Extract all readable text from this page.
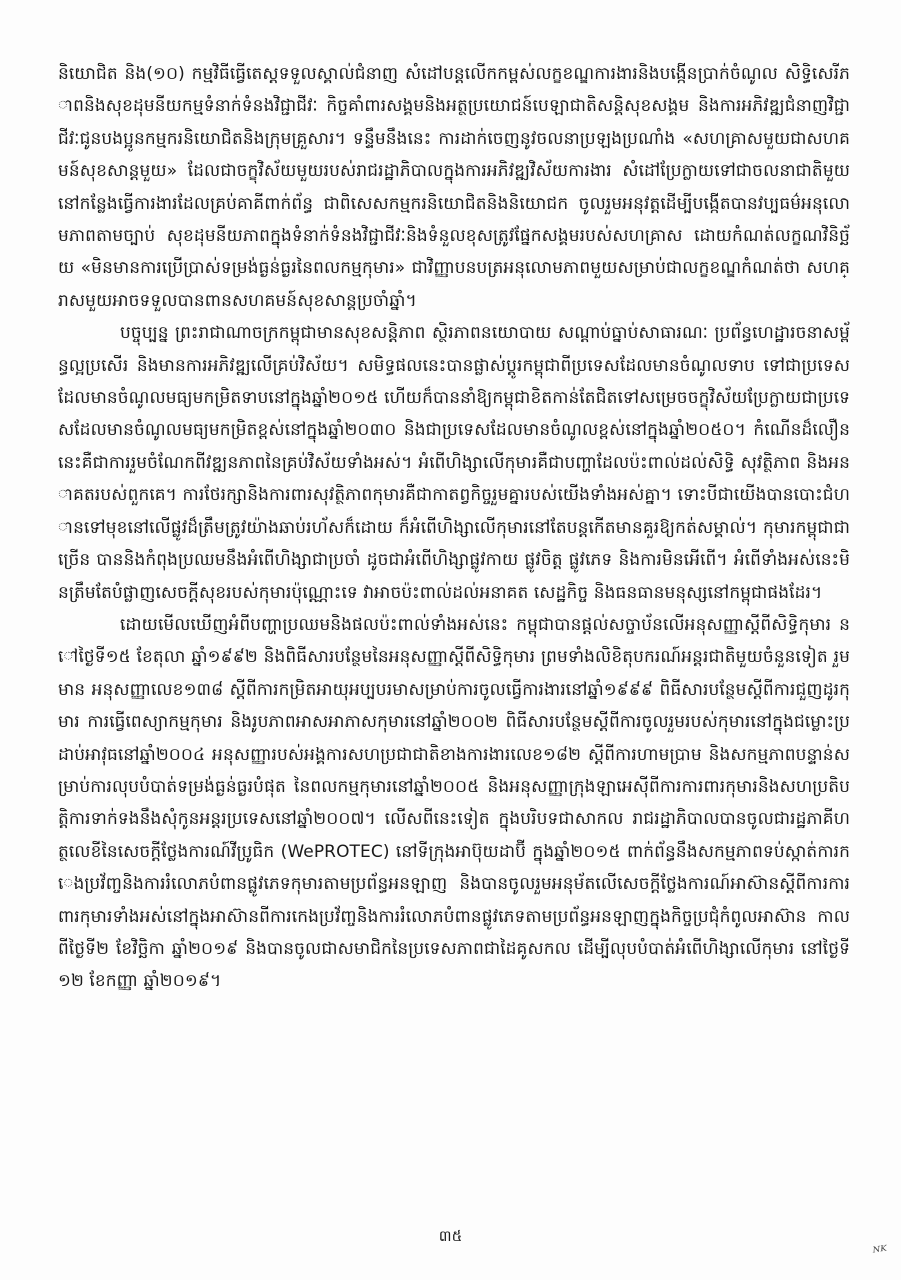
និយោជិត និង(១០) កម្មវិធីធ្វើតេស្តទទួលស្គាល់ជំនាញ សំដៅបន្តលើកកម្ពស់លក្ខខណ្ឌការងារនិងបង្កើនប្រាក់ចំណូល សិទ្ធិសេរីភាពនិងសុខដុមនីយកម្មទំនាក់ទំនងវិជ្ជាជីវៈ កិច្ចគាំពារសង្គមនិងអត្ថប្រយោជន៍បេឡាជាតិសន្តិសុខសង្គម និងការអភិវឌ្ឍជំនាញវិជ្ជាជីវៈជូនបងប្អូនកម្មករនិយោជិតនិងក្រុមគ្រួសារ។ ទន្ទឹមនឹងនេះ ការដាក់ចេញនូវចលនាប្រឡងប្រណាំង «សហគ្រាសមួយជាសហគមន៍សុខសាន្តមួយ» ដែលជាចក្ខុវិស័យមួយរបស់រាជរដ្ឋាភិបាលក្នុងការអភិវឌ្ឍវិស័យការងារ សំដៅប្រែក្លាយទៅជាចលនាជាតិមួយនៅកន្លែងធ្វើការងារដែលគ្រប់គាគីពាក់ព័ន្ធ ជាពិសេសកម្មករនិយោជិតនិងនិយោជក ចូលរួមអនុវត្តដើម្បីបង្កើតបានវប្បធម៌អនុលោមភាពតាមច្បាប់ សុខដុមនីយភាពក្នុងទំនាក់ទំនងវិជ្ជាជីវៈនិងទំនួលខុសត្រូវផ្នែកសង្គមរបស់សហគ្រាស ដោយកំណត់លក្ខណវិនិច្ឆ័យ «មិនមានការប្រើប្រាស់ទម្រង់ធ្ងន់ធ្ងរនៃពលកម្មកុមារ» ជាវិញ្ញាបនបត្រអនុលោមភាពមួយសម្រាប់ជាលក្ខខណ្ឌកំណត់ថា សហគ្រាសមួយអាចទទួលបានពានសហគមន៍សុខសាន្តប្រចាំឆ្នាំ។

បច្ចុប្បន្ន ព្រះរាជាណាចក្រកម្ពុជាមានសុខសន្តិភាព ស្ថិរភាពនយោបាយ សណ្តាប់ធ្នាប់សាធារណៈ ប្រព័ន្ធហេដ្ឋារចនាសម្ព័ន្ធល្អប្រសើរ និងមានការអភិវឌ្ឍលើគ្រប់វិស័យ។ សមិទ្ធផលនេះបានផ្លាស់ប្តូរកម្ពុជាពីប្រទេសដែលមានចំណូលទាប ទៅជាប្រទេសដែលមានចំណូលមធ្យមកម្រិតទាបនៅក្នុងឆ្នាំ២០១៥ ហើយក៏បាននាំឱ្យកម្ពុជាខិតកាន់តែជិតទៅសម្រេចចក្ខុវិស័យប្រែក្លាយជាប្រទេសដែលមានចំណូលមធ្យមកម្រិតខ្ពស់នៅក្នុងឆ្នាំ២០៣០ និងជាប្រទេសដែលមានចំណូលខ្ពស់នៅក្នុងឆ្នាំ២០៥០។ កំណើនដ៏លឿននេះគឺជាការរួមចំណែកពីវឌ្ឍនភាពនៃគ្រប់វិស័យទាំងអស់។ អំពើហិង្សាលើកុមារគឺជាបញ្ហាដែលប៉ះពាល់ដល់សិទ្ធិ សុវត្ថិភាព និងអនាគតរបស់ពួកគេ។ ការថែរក្សានិងការពារសុវត្ថិភាពកុមារគឺជាកាតព្វកិច្ចរួមគ្នារបស់យើងទាំងអស់គ្នា។ ទោះបីជាយើងបានបោះជំហានទៅមុខនៅលើផ្លូវដ៏ត្រឹមត្រូវយ៉ាងឆាប់រហ័សក៏ដោយ ក៏អំពើហិង្សាលើកុមារនៅតែបន្តកើតមានគួរឱ្យកត់សម្គាល់។ កុមារកម្ពុជាជាច្រើន បាននិងកំពុងប្រឈមនឹងអំពើហិង្សាជាប្រចាំ ដូចជាអំពើហិង្សាផ្លូវកាយ ផ្លូវចិត្ត ផ្លូវភេទ និងការមិនអើពើ។ អំពើទាំងអស់នេះមិនត្រឹមតែបំផ្លាញសេចក្តីសុខរបស់កុមារប៉ុណ្ណោះទេ វាអាចប៉ះពាល់ដល់អនាគត សេដ្ឋកិច្ច និងធនធានមនុស្សនៅកម្ពុជាផងដែរ។

ដោយមើលឃើញអំពីបញ្ហាប្រឈមនិងផលប៉ះពាល់ទាំងអស់នេះ កម្ពុជាបានផ្តល់សច្ចាប័នលើអនុសញ្ញាស្តីពីសិទ្ធិកុមារ នៅថ្ងៃទី១៥ ខែតុលា ឆ្នាំ១៩៩២ និងពិធីសារបន្ថែមនៃអនុសញ្ញាស្តីពីសិទ្ធិកុមារ ព្រមទាំងលិខិតុបករណ៍អន្តរជាតិមួយចំនួនទៀត រួមមាន អនុសញ្ញាលេខ១៣៨ ស្តីពីការកម្រិតអាយុអប្បបរមាសម្រាប់ការចូលធ្វើការងារនៅឆ្នាំ១៩៩៩ ពិធីសារបន្ថែមស្តីពីការជួញដូរកុមារ ការធ្វើពេស្យាកម្មកុមារ និងរូបភាពអាសអាភាសកុមារនៅឆ្នាំ២០០២ ពិធីសារបន្ថែមស្តីពីការចូលរួមរបស់កុមារនៅក្នុងជម្លោះប្រដាប់អាវុធនៅឆ្នាំ២០០៤ អនុសញ្ញារបស់អង្គការសហប្រជាជាតិខាងការងារលេខ១៨២ ស្តីពីការហាមប្រាម និងសកម្មភាពបន្ទាន់សម្រាប់ការលុបបំបាត់ទម្រង់ធ្ងន់ធ្ងរបំផុត នៃពលកម្មកុមារនៅឆ្នាំ២០០៥ និងអនុសញ្ញាក្រុងឡាអេស៊ីពីការការពារកុមារនិងសហប្រតិបត្តិការទាក់ទងនឹងសុំកូនអន្តរប្រទេសនៅឆ្នាំ២០០៧។ លើសពីនេះទៀត ក្នុងបរិបទជាសាកល រាជរដ្ឋាភិបាលបានចូលជារដ្ឋភាគីហត្ថលេខីនៃសេចក្តីថ្លែងការណ៍វីប្រូធិក (WePROTEC) នៅទីក្រុងអាប៊ុយដាប៊ី ក្នុងឆ្នាំ២០១៥ ពាក់ព័ន្ធនឹងសកម្មភាពទប់ស្កាត់ការកេងប្រវ័ញ្ចនិងការរំលោភបំពានផ្លូវភេទកុមារតាមប្រព័ន្ធអនឡាញ និងបានចូលរួមអនុម័តលើសេចក្តីថ្លែងការណ៍អាស៊ានស្តីពីការការពារកុមារទាំងអស់នៅក្នុងអាស៊ានពីការកេងប្រវ័ញ្ចនិងការរំលោភបំពានផ្លូវភេទតាមប្រព័ន្ធអនឡាញក្នុងកិច្ចប្រជុំកំពូលអាស៊ាន កាលពីថ្ងៃទី២ ខែវិច្ឆិកា ឆ្នាំ២០១៩ និងបានចូលជាសមាជិកនៃប្រទេសភាពជាដៃគូសកល ដើម្បីលុបបំបាត់អំពើហិង្សាលើកុមារ នៅថ្ងៃទី១២ ខែកញ្ញា ឆ្នាំ២០១៩។

៣៥
ᴺᴷ
